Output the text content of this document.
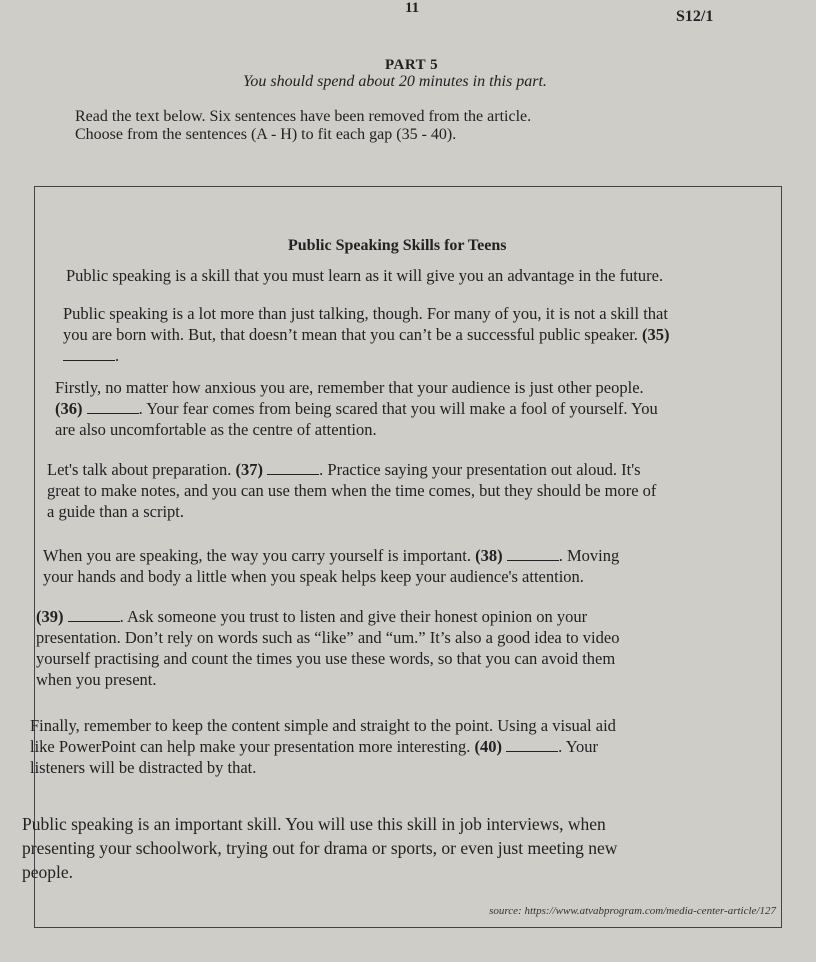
11	S12/1
PART 5
You should spend about 20 minutes in this part.
Read the text below. Six sentences have been removed from the article.
Choose from the sentences (A - H) to fit each gap (35 - 40).
Public Speaking Skills for Teens
Public speaking is a skill that you must learn as it will give you an advantage in the future.
Public speaking is a lot more than just talking, though. For many of you, it is not a skill that
you are born with. But, that doesn’t mean that you can’t be a successful public speaker. (35)
.
Firstly, no matter how anxious you are, remember that your audience is just other people.
(36)	. Your fear comes from being scared that you will make a fool of yourself. You
are also uncomfortable as the centre of attention.
Let's talk about preparation. (37)	. Practice saying your presentation out aloud. It's
great to make notes, and you can use them when the time comes, but they should be more of
a guide than a script.
When you are speaking, the way you carry yourself is important. (38)	. Moving
your hands and body a little when you speak helps keep your audience's attention.
(39)	. Ask someone you trust to listen and give their honest opinion on your
presentation. Don’t rely on words such as “like” and “um.” It’s also a good idea to video
yourself practising and count the times you use these words, so that you can avoid them
when you present.
Finally, remember to keep the content simple and straight to the point. Using a visual aid
like PowerPoint can help make your presentation more interesting. (40)	. Your
listeners will be distracted by that.
Public speaking is an important skill. You will use this skill in job interviews, when
presenting your schoolwork, trying out for drama or sports, or even just meeting new
people.
source: https://www.atvabprogram.com/media-center-article/127
